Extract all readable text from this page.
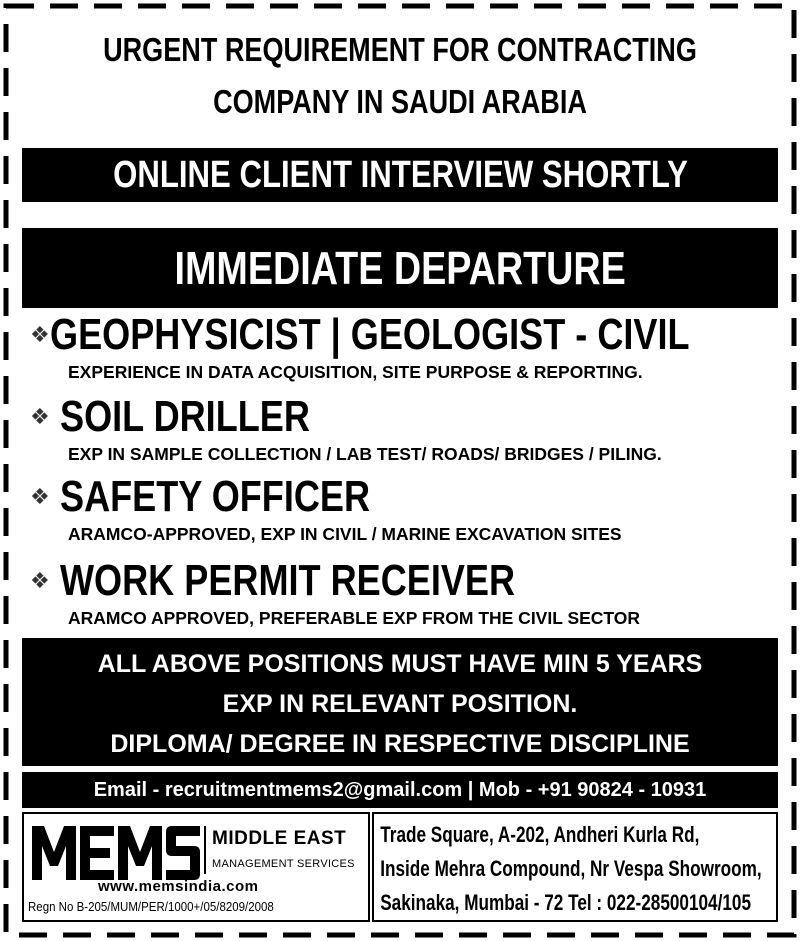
URGENT REQUIREMENT FOR CONTRACTING
COMPANY IN SAUDI ARABIA
ONLINE CLIENT INTERVIEW SHORTLY
IMMEDIATE DEPARTURE
❖ GEOPHYSICIST | GEOLOGIST - CIVIL
EXPERIENCE IN DATA ACQUISITION, SITE PURPOSE & REPORTING.
❖ SOIL DRILLER
EXP IN SAMPLE COLLECTION / LAB TEST/ ROADS/ BRIDGES / PILING.
❖ SAFETY OFFICER
ARAMCO-APPROVED, EXP IN CIVIL / MARINE EXCAVATION SITES
❖ WORK PERMIT RECEIVER
ARAMCO APPROVED, PREFERABLE EXP FROM THE CIVIL SECTOR
ALL ABOVE POSITIONS MUST HAVE MIN 5 YEARS
EXP IN RELEVANT POSITION.
DIPLOMA/ DEGREE IN RESPECTIVE DISCIPLINE
Email - recruitmentmems2@gmail.com | Mob - +91 90824 - 10931
MIDDLE EAST
MANAGEMENT SERVICES
www.memsindia.com
Regn No B-205/MUM/PER/1000+/05/8209/2008
Trade Square, A-202, Andheri Kurla Rd,
Inside Mehra Compound, Nr Vespa Showroom,
Sakinaka, Mumbai - 72 Tel : 022-28500104/105
